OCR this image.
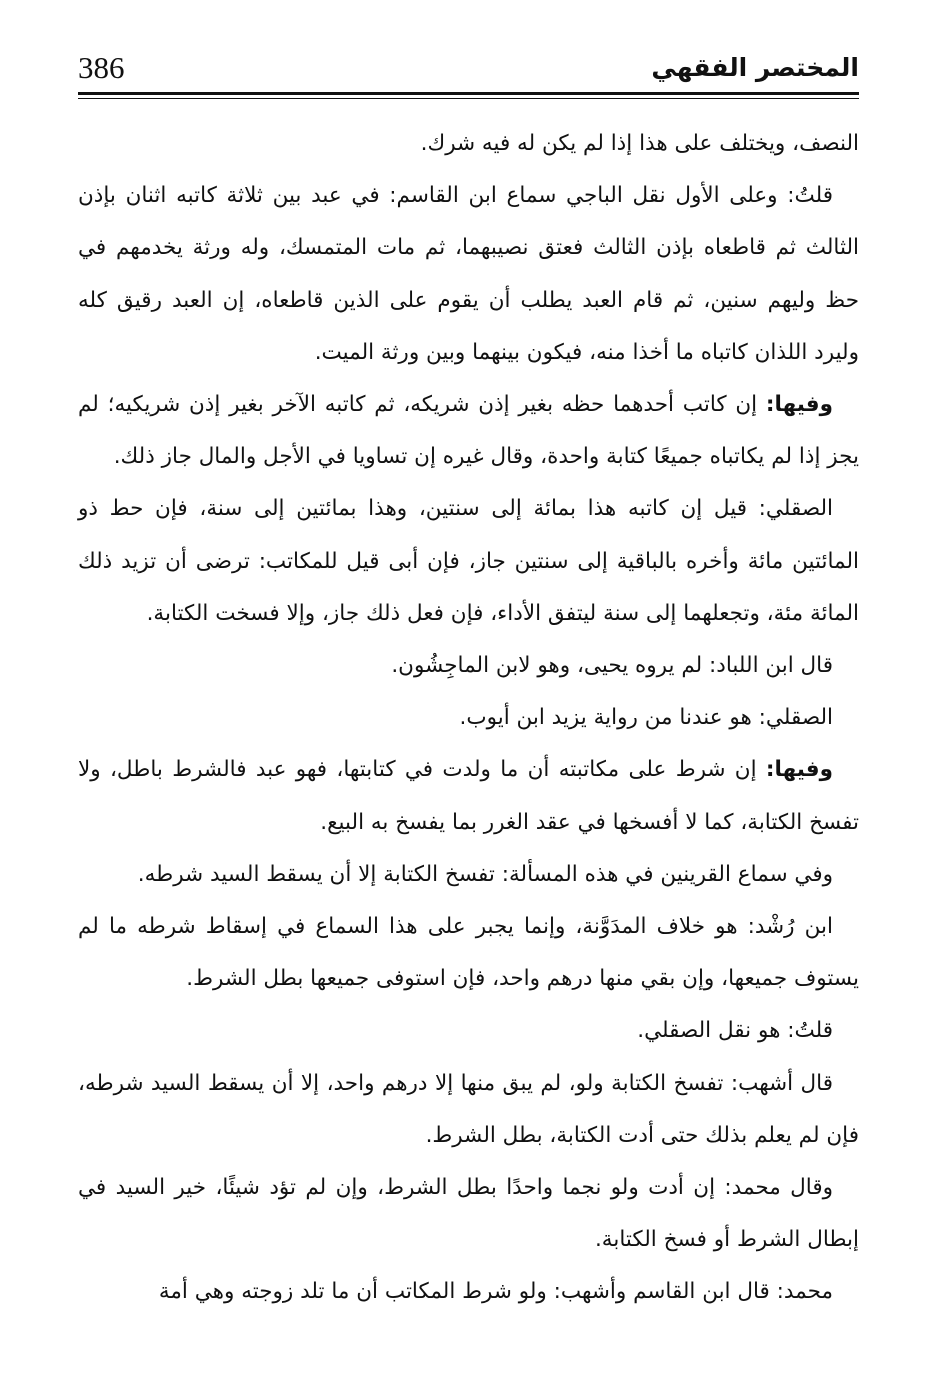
386	المختصر الفقهي

النصف، ويختلف على هذا إذا لم يكن له فيه شرك.

قلتُ: وعلى الأول نقل الباجي سماع ابن القاسم: في عبد بين ثلاثة كاتبه اثنان بإذن الثالث ثم قاطعاه بإذن الثالث فعتق نصيبهما، ثم مات المتمسك، وله ورثة يخدمهم في حظ وليهم سنين، ثم قام العبد يطلب أن يقوم على الذين قاطعاه، إن العبد رقيق كله وليرد اللذان كاتباه ما أخذا منه، فيكون بينهما وبين ورثة الميت.

وفيها: إن كاتب أحدهما حظه بغير إذن شريكه، ثم كاتبه الآخر بغير إذن شريكيه؛ لم يجز إذا لم يكاتباه جميعًا كتابة واحدة، وقال غيره إن تساويا في الأجل والمال جاز ذلك.

الصقلي: قيل إن كاتبه هذا بمائة إلى سنتين، وهذا بمائتين إلى سنة، فإن حط ذو المائتين مائة وأخره بالباقية إلى سنتين جاز، فإن أبى قيل للمكاتب: ترضى أن تزيد ذلك المائة مئة، وتجعلهما إلى سنة ليتفق الأداء، فإن فعل ذلك جاز، وإلا فسخت الكتابة.

قال ابن اللباد: لم يروه يحيى، وهو لابن الماجِشُون.

الصقلي: هو عندنا من رواية يزيد ابن أيوب.

وفيها: إن شرط على مكاتبته أن ما ولدت في كتابتها، فهو عبد فالشرط باطل، ولا تفسخ الكتابة، كما لا أفسخها في عقد الغرر بما يفسخ به البيع.

وفي سماع القرينين في هذه المسألة: تفسخ الكتابة إلا أن يسقط السيد شرطه.

ابن رُشْد: هو خلاف المدَوَّنة، وإنما يجبر على هذا السماع في إسقاط شرطه ما لم يستوف جميعها، وإن بقي منها درهم واحد، فإن استوفى جميعها بطل الشرط.

قلتُ: هو نقل الصقلي.

قال أشهب: تفسخ الكتابة ولو، لم يبق منها إلا درهم واحد، إلا أن يسقط السيد شرطه، فإن لم يعلم بذلك حتى أدت الكتابة، بطل الشرط.

وقال محمد: إن أدت ولو نجما واحدًا بطل الشرط، وإن لم تؤد شيئًا، خير السيد في إبطال الشرط أو فسخ الكتابة.

محمد: قال ابن القاسم وأشهب: ولو شرط المكاتب أن ما تلد زوجته وهي أمة
